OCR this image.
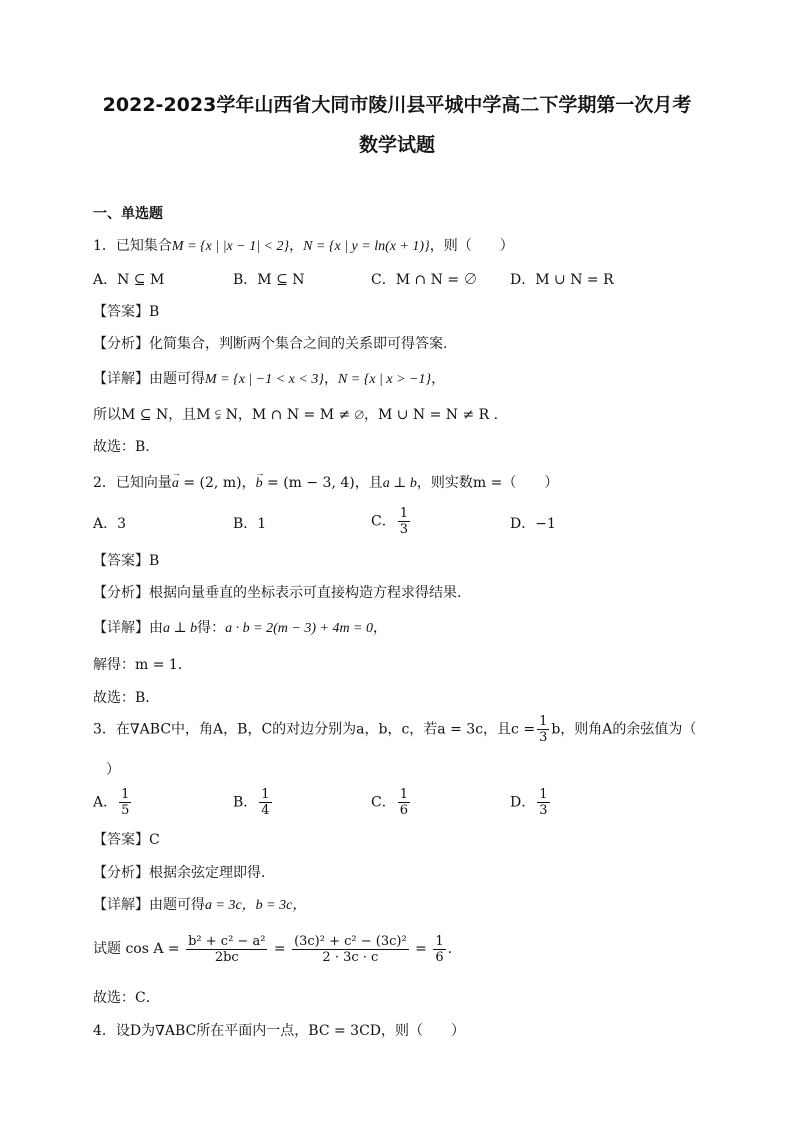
2022-2023学年山西省大同市陵川县平城中学高二下学期第一次月考
数学试题
一、单选题
1．已知集合M = {x | |x − 1| < 2}，N = {x | y = ln(x + 1)}，则（　　）
A．N ⊆ M	B．M ⊆ N	C．M ∩ N = ∅ D．M ∪ N = R
【答案】B
【分析】化简集合，判断两个集合之间的关系即可得答案.
【详解】由题可得M = {x | −1 < x < 3}，N = {x | x > −1}，
所以M ⊆ N，且M ⫋ N，M ∩ N = M ≠ ∅，M ∪ N = N ≠ R .
故选：B.
2．已知向量→ a = (2, m)，→ b = (m − 3, 4)，且a ⊥ b，则实数m =（　　）
A．3	B．1	C． $\frac{1}{3}$	D．−1
【答案】B
【分析】根据向量垂直的坐标表示可直接构造方程求得结果.
【详解】由a ⊥ b得：a · b = 2(m − 3) + 4m = 0，
解得：m = 1.
故选：B.
3．在∇ABC中，角A，B，C的对边分别为a，b，c，若a = 3c，且$c = \frac{1}{3}$ b，则角A的余弦值为（
）
A． $\frac{1}{5}$	B． $\frac{1}{4}$	C． $\frac{1}{6}$	D． $\frac{1}{3}$
【答案】C
【分析】根据余弦定理即得．
【详解】由题可得a = 3c，b = 3c，
试题 $\cos A = \frac{\text{b² + c² − a²}}{2bc} = \frac{\text{(3c)² + c² − (3c)²}}{2 \cdot 3c \cdot c} = \frac{1}{6}$ .
故选：C．
4．设D为∇ABC所在平面内一点，BC = 3CD，则（　　）
